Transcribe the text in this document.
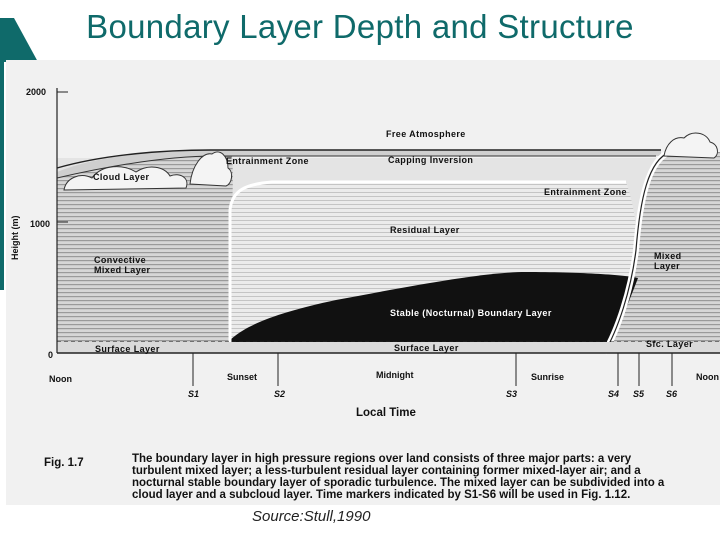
Boundary Layer Depth and Structure
2000
1000
0
Height (m)
Noon	Sunset	Midnight	Sunrise	Noon
S1	S2	S3	S4 S5 S6
Local Time
Free Atmosphere
Entrainment Zone	Capping Inversion
Cloud Layer
Entrainment Zone
Residual Layer
Convective
Mixed Layer
Mixed
Layer
Stable (Nocturnal) Boundary Layer
Surface Layer	Surface Layer	Sfc. Layer
Fig. 1.7	The boundary layer in high pressure regions over land consists of three major parts: a very
turbulent mixed layer; a less-turbulent residual layer containing former mixed-layer air; and a
nocturnal stable boundary layer of sporadic turbulence. The mixed layer can be subdivided into a
cloud layer and a subcloud layer. Time markers indicated by S1-S6 will be used in Fig. 1.12.
Source:Stull,1990
